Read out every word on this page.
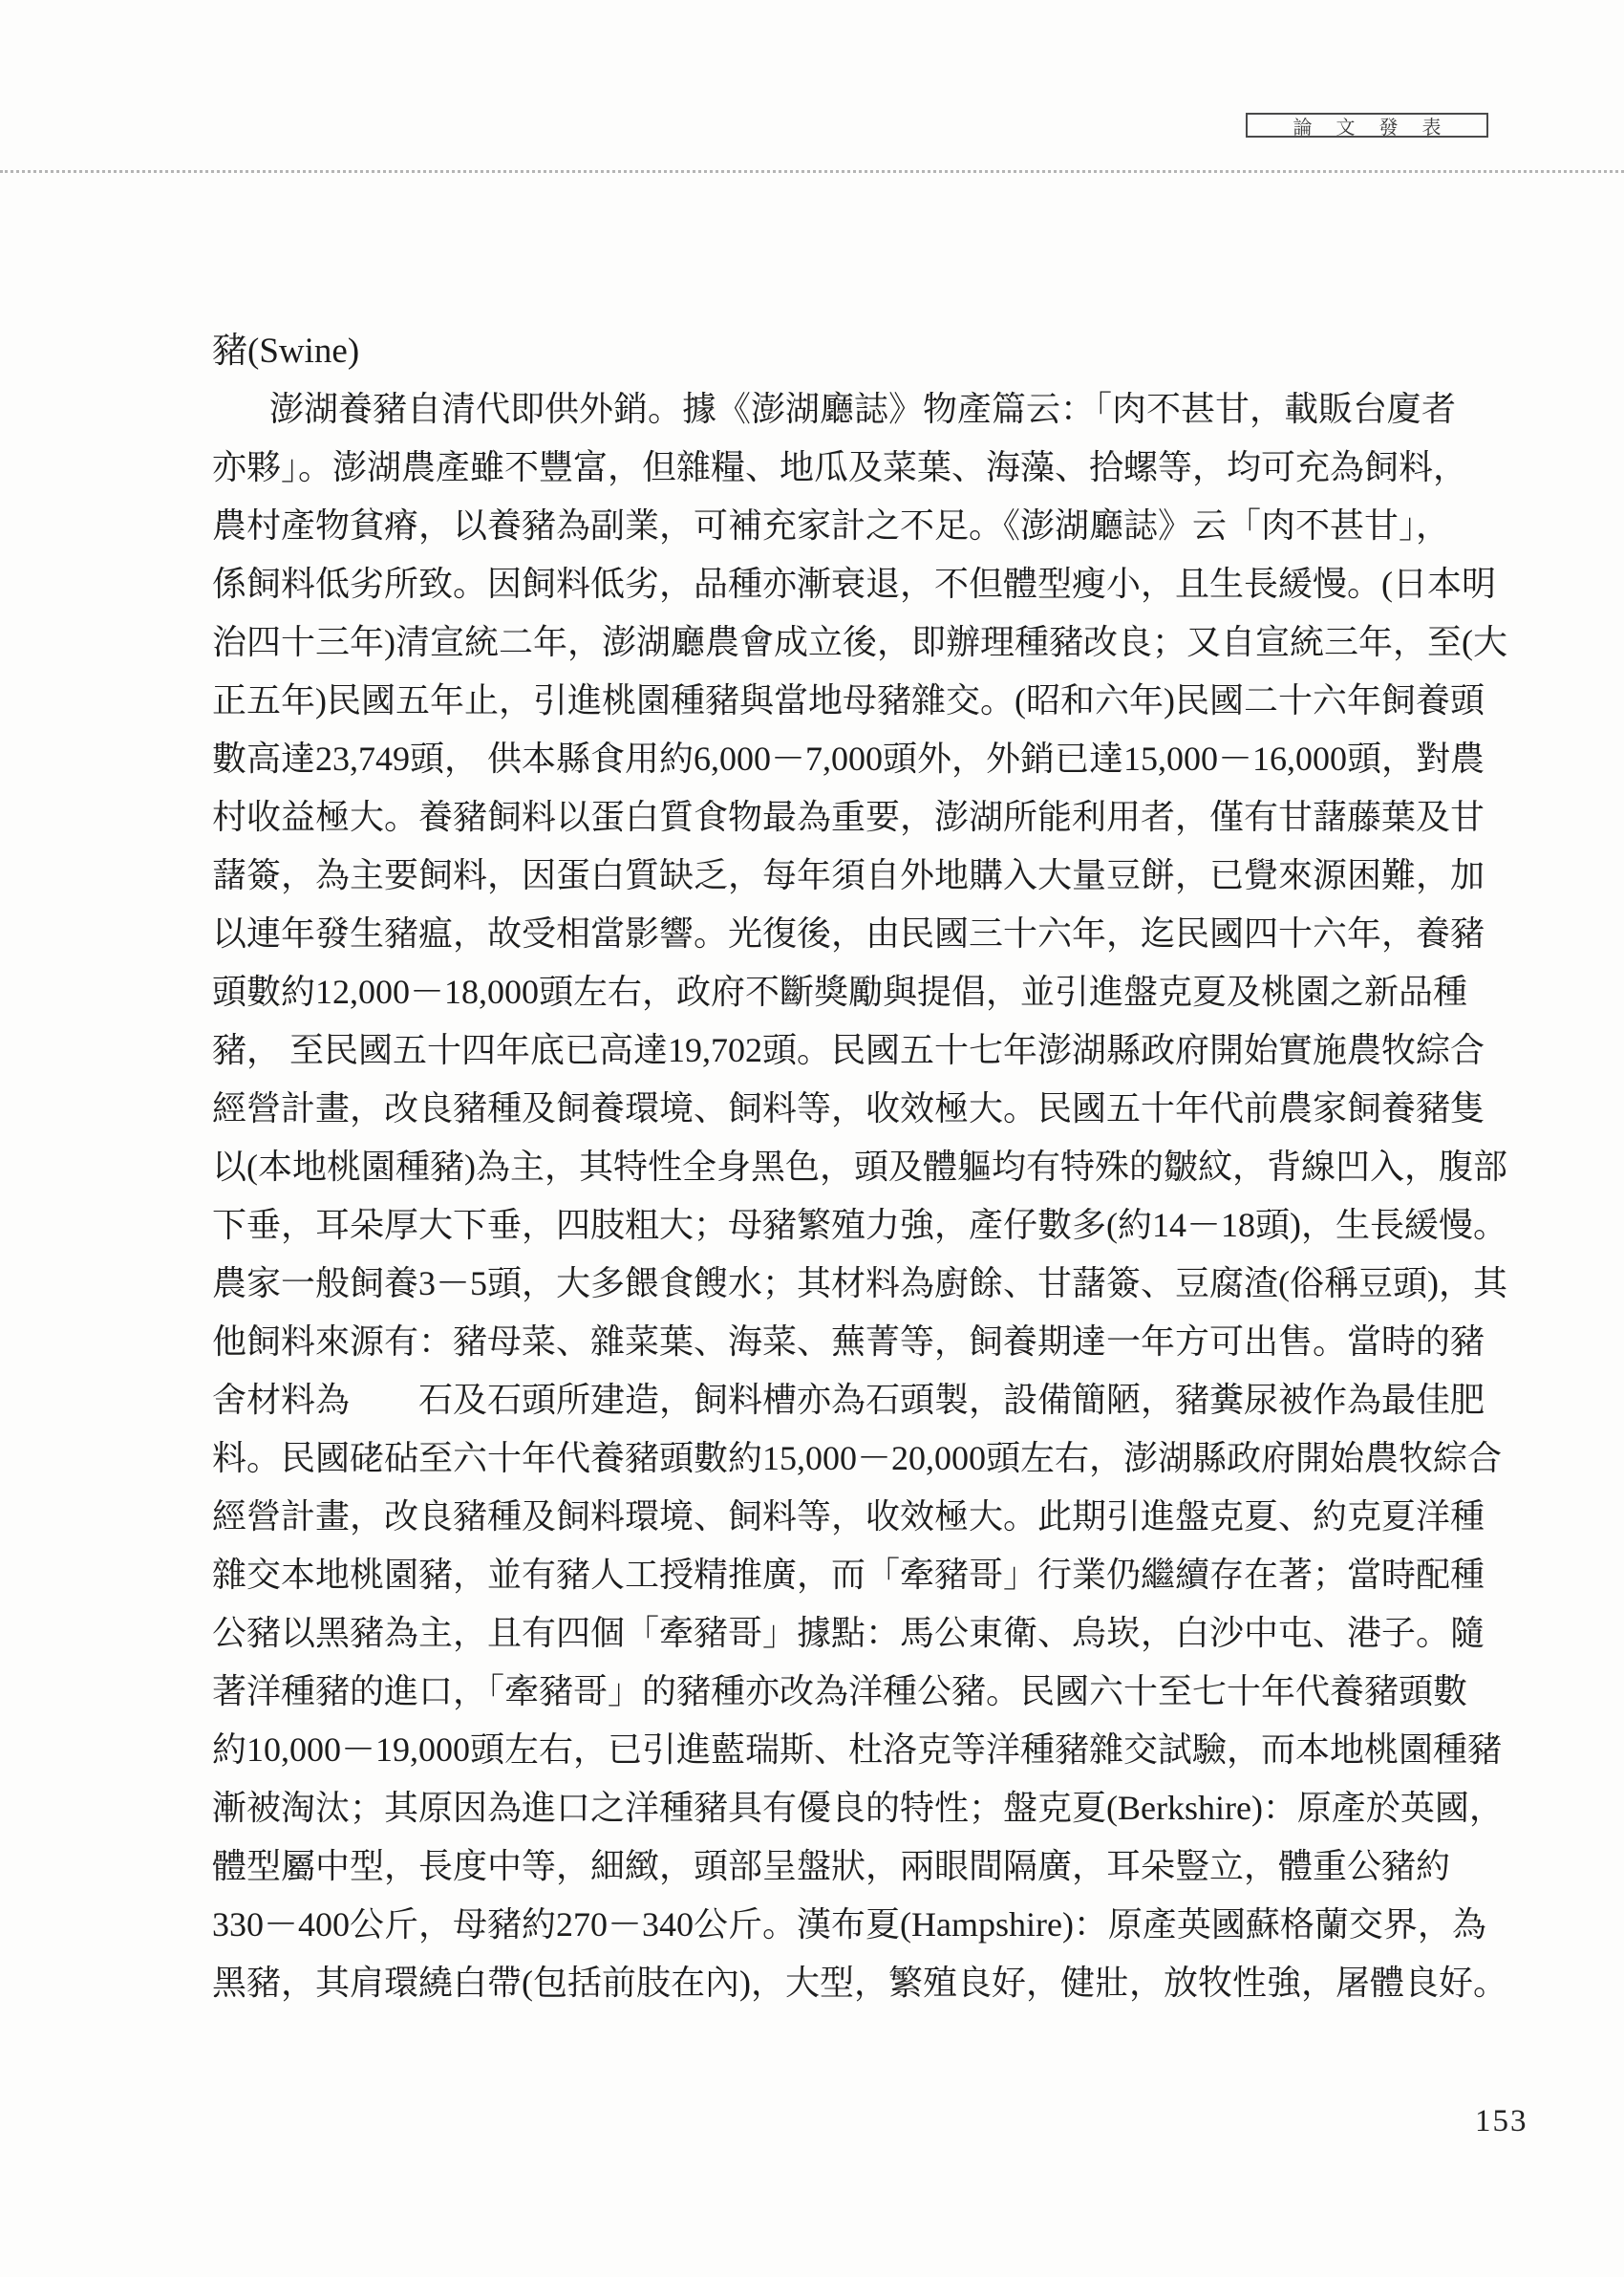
論 文 發 表
豬(Swine)
澎湖養豬自清代即供外銷。據《澎湖廳誌》物產篇云：「肉不甚甘，載販台廈者
亦夥」。澎湖農產雖不豐富，但雜糧、地瓜及菜葉、海藻、拾螺等，均可充為飼料，
農村產物貧瘠，以養豬為副業，可補充家計之不足。《澎湖廳誌》云「肉不甚甘」，
係飼料低劣所致。因飼料低劣，品種亦漸衰退，不但體型瘦小，且生長緩慢。(日本明
治四十三年)清宣統二年，澎湖廳農會成立後，即辦理種豬改良；又自宣統三年，至(大
正五年)民國五年止，引進桃園種豬與當地母豬雜交。(昭和六年)民國二十六年飼養頭
數高達23,749頭， 供本縣食用約6,000－7,000頭外，外銷已達15,000－16,000頭，對農
村收益極大。養豬飼料以蛋白質食物最為重要，澎湖所能利用者，僅有甘藷藤葉及甘
藷簽，為主要飼料，因蛋白質缺乏，每年須自外地購入大量豆餅，已覺來源困難，加
以連年發生豬瘟，故受相當影響。光復後，由民國三十六年，迄民國四十六年，養豬
頭數約12,000－18,000頭左右，政府不斷獎勵與提倡，並引進盤克夏及桃園之新品種
豬， 至民國五十四年底已高達19,702頭。民國五十七年澎湖縣政府開始實施農牧綜合
經營計畫，改良豬種及飼養環境、飼料等，收效極大。民國五十年代前農家飼養豬隻
以(本地桃園種豬)為主，其特性全身黑色，頭及體軀均有特殊的皺紋，背線凹入，腹部
下垂，耳朵厚大下垂，四肢粗大；母豬繁殖力強，產仔數多(約14－18頭)，生長緩慢。
農家一般飼養3－5頭，大多餵食餿水；其材料為廚餘、甘藷簽、豆腐渣(俗稱豆頭)，其
他飼料來源有：豬母菜、雜菜葉、海菜、蕪菁等，飼養期達一年方可出售。當時的豬
舍材料為　　石及石頭所建造，飼料槽亦為石頭製，設備簡陋，豬糞尿被作為最佳肥
料。民國硓砧至六十年代養豬頭數約15,000－20,000頭左右，澎湖縣政府開始農牧綜合
經營計畫，改良豬種及飼料環境、飼料等，收效極大。此期引進盤克夏、約克夏洋種
雜交本地桃園豬，並有豬人工授精推廣，而「牽豬哥」行業仍繼續存在著；當時配種
公豬以黑豬為主，且有四個「牽豬哥」據點：馬公東衛、烏崁，白沙中屯、港子。隨
著洋種豬的進口，「牽豬哥」的豬種亦改為洋種公豬。民國六十至七十年代養豬頭數
約10,000－19,000頭左右，已引進藍瑞斯、杜洛克等洋種豬雜交試驗，而本地桃園種豬
漸被淘汰；其原因為進口之洋種豬具有優良的特性；盤克夏(Berkshire)：原產於英國，
體型屬中型，長度中等，細緻，頭部呈盤狀，兩眼間隔廣，耳朵豎立，體重公豬約
330－400公斤，母豬約270－340公斤。漢布夏(Hampshire)：原產英國蘇格蘭交界，為
黑豬，其肩環繞白帶(包括前肢在內)，大型，繁殖良好，健壯，放牧性強，屠體良好。
153
